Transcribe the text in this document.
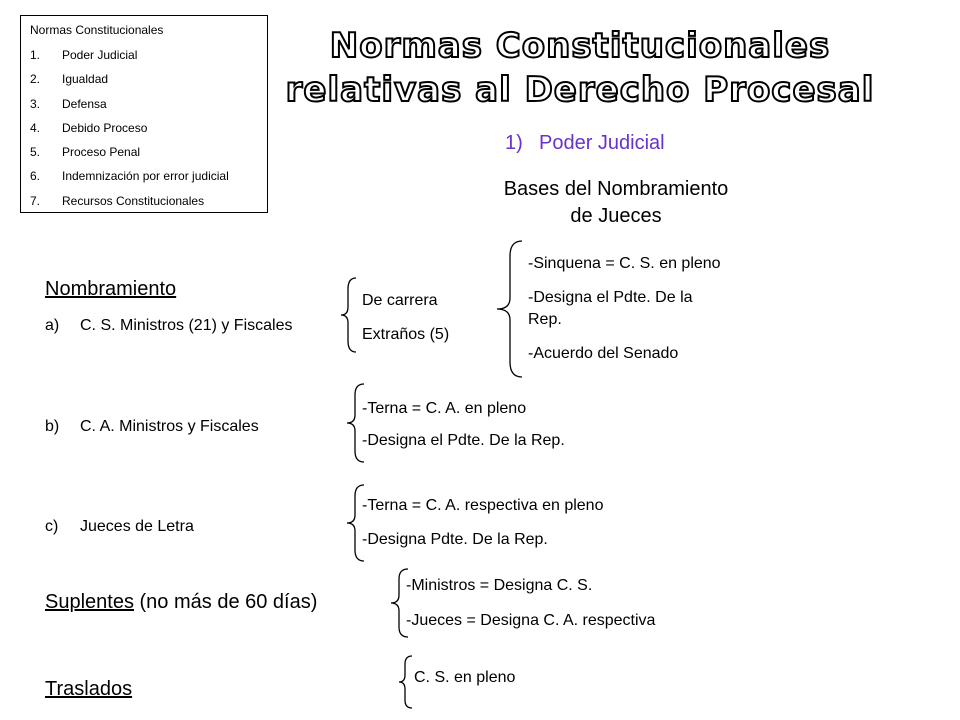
Normas Constitucionales
1.	Poder Judicial
2.	Igualdad
3.	Defensa
4.	Debido Proceso
5.	Proceso Penal
6.	Indemnización por error judicial
7.	Recursos Constitucionales
Normas Constitucionales
relativas al Derecho Procesal
1) Poder Judicial
Bases del Nombramiento
de Jueces
Nombramiento
a) C. S. Ministros (21) y Fiscales
De carrera
Extraños (5)
-Sinquena = C. S. en pleno
-Designa el Pdte. De la
Rep.
-Acuerdo del Senado
b) C. A. Ministros y Fiscales
-Terna = C. A. en pleno
-Designa el Pdte. De la Rep.
c) Jueces de Letra
-Terna = C. A. respectiva en pleno
-Designa Pdte. De la Rep.
Suplentes (no más de 60 días)
-Ministros = Designa C. S.
-Jueces = Designa C. A. respectiva
Traslados
C. S. en pleno
